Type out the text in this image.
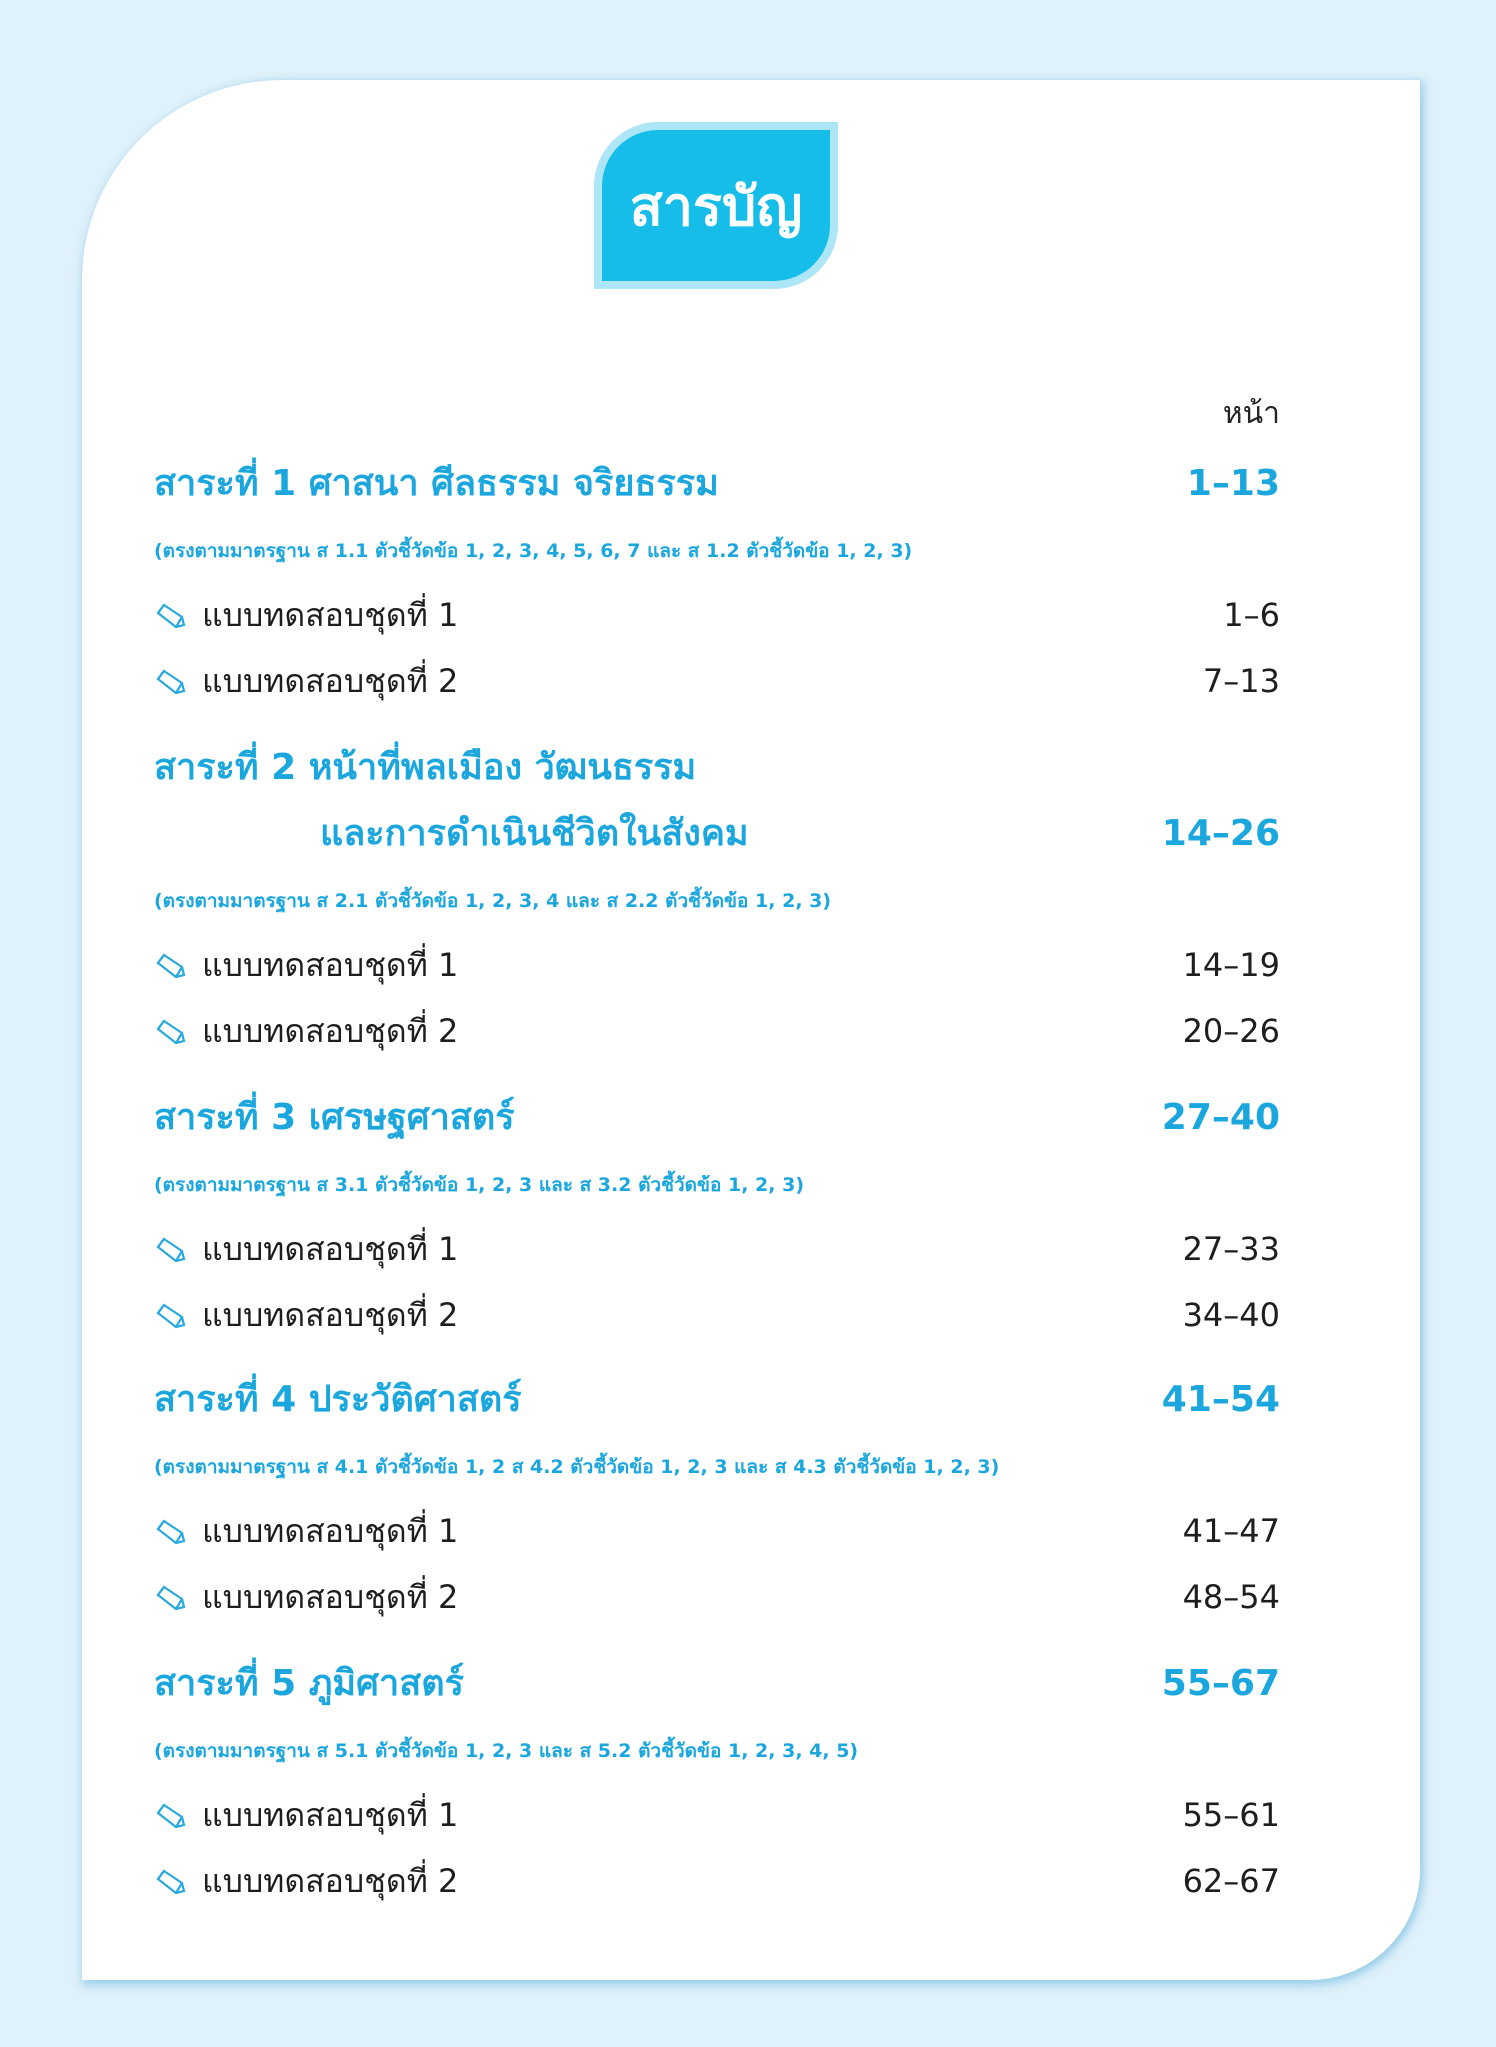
สารบัญ
หน้า
สาระที่ 1 ศาสนา ศีลธรรม จริยธรรม	1–13
(ตรงตามมาตรฐาน ส 1.1 ตัวชี้วัดข้อ 1, 2, 3, 4, 5, 6, 7 และ ส 1.2 ตัวชี้วัดข้อ 1, 2, 3)
แบบทดสอบชุดที่ 1	1–6
แบบทดสอบชุดที่ 2	7–13
สาระที่ 2 หน้าที่พลเมือง วัฒนธรรม
และการดำเนินชีวิตในสังคม	14–26
(ตรงตามมาตรฐาน ส 2.1 ตัวชี้วัดข้อ 1, 2, 3, 4 และ ส 2.2 ตัวชี้วัดข้อ 1, 2, 3)
แบบทดสอบชุดที่ 1	14–19
แบบทดสอบชุดที่ 2	20–26
สาระที่ 3 เศรษฐศาสตร์	27–40
(ตรงตามมาตรฐาน ส 3.1 ตัวชี้วัดข้อ 1, 2, 3 และ ส 3.2 ตัวชี้วัดข้อ 1, 2, 3)
แบบทดสอบชุดที่ 1	27–33
แบบทดสอบชุดที่ 2	34–40
สาระที่ 4 ประวัติศาสตร์	41–54
(ตรงตามมาตรฐาน ส 4.1 ตัวชี้วัดข้อ 1, 2 ส 4.2 ตัวชี้วัดข้อ 1, 2, 3 และ ส 4.3 ตัวชี้วัดข้อ 1, 2, 3)
แบบทดสอบชุดที่ 1	41–47
แบบทดสอบชุดที่ 2	48–54
สาระที่ 5 ภูมิศาสตร์	55–67
(ตรงตามมาตรฐาน ส 5.1 ตัวชี้วัดข้อ 1, 2, 3 และ ส 5.2 ตัวชี้วัดข้อ 1, 2, 3, 4, 5)
แบบทดสอบชุดที่ 1	55–61
แบบทดสอบชุดที่ 2	62–67
